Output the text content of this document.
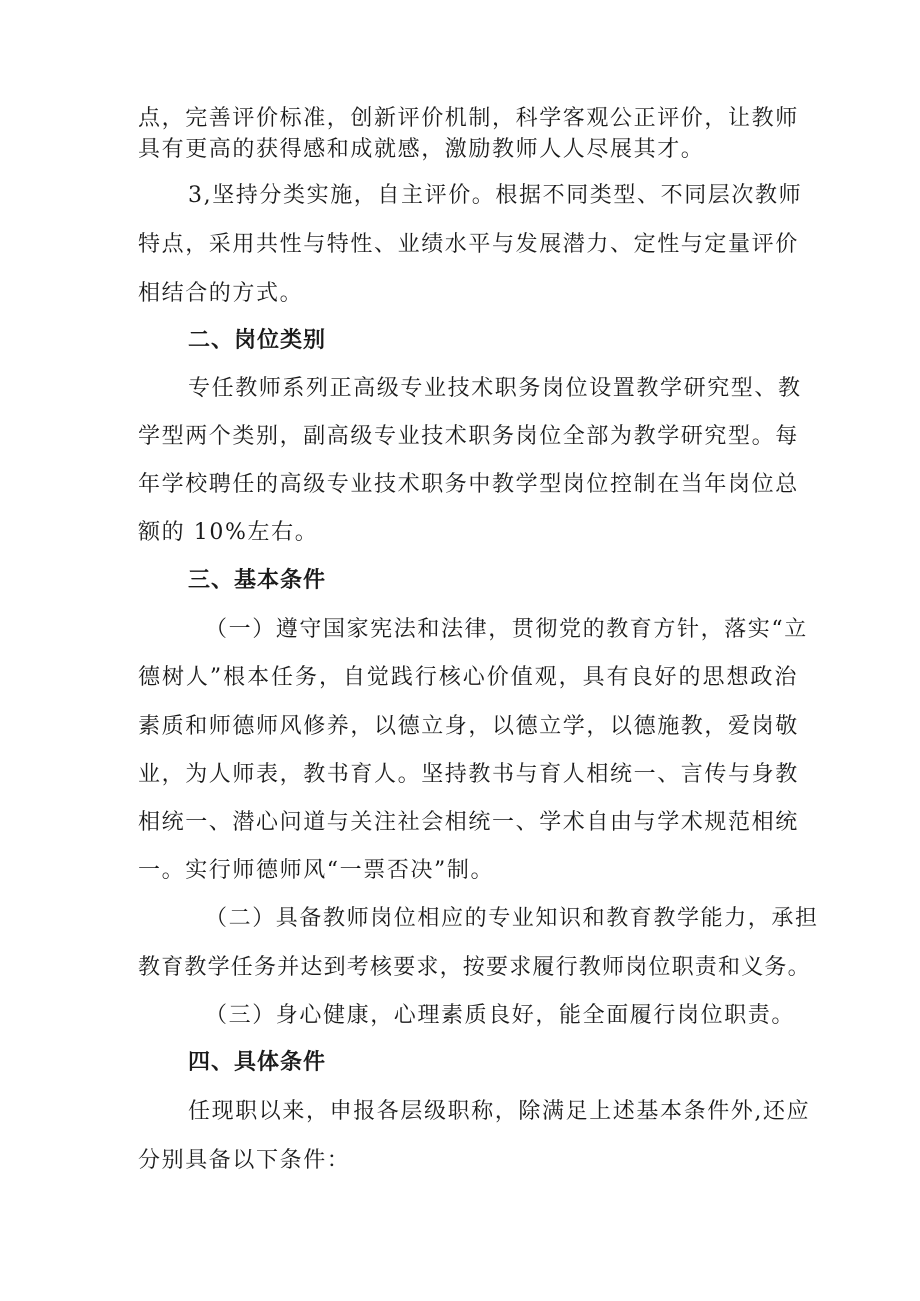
点，完善评价标准，创新评价机制，科学客观公正评价，让教师
具有更高的获得感和成就感，激励教师人人尽展其才。
3,坚持分类实施，自主评价。根据不同类型、不同层次教师
特点，采用共性与特性、业绩水平与发展潜力、定性与定量评价
相结合的方式。
二、岗位类别
专任教师系列正高级专业技术职务岗位设置教学研究型、教
学型两个类别，副高级专业技术职务岗位全部为教学研究型。每
年学校聘任的高级专业技术职务中教学型岗位控制在当年岗位总
额的 10%左右。
三、基本条件
（一）遵守国家宪法和法律，贯彻党的教育方针，落实“立
德树人”根本任务，自觉践行核心价值观，具有良好的思想政治
素质和师德师风修养，以德立身，以德立学，以德施教，爱岗敬
业，为人师表，教书育人。坚持教书与育人相统一、言传与身教
相统一、潜心问道与关注社会相统一、学术自由与学术规范相统
一。实行师德师风“一票否决”制。
（二）具备教师岗位相应的专业知识和教育教学能力，承担
教育教学任务并达到考核要求，按要求履行教师岗位职责和义务。
（三）身心健康，心理素质良好，能全面履行岗位职责。
四、具体条件
任现职以来，申报各层级职称，除满足上述基本条件外,还应
分别具备以下条件：
